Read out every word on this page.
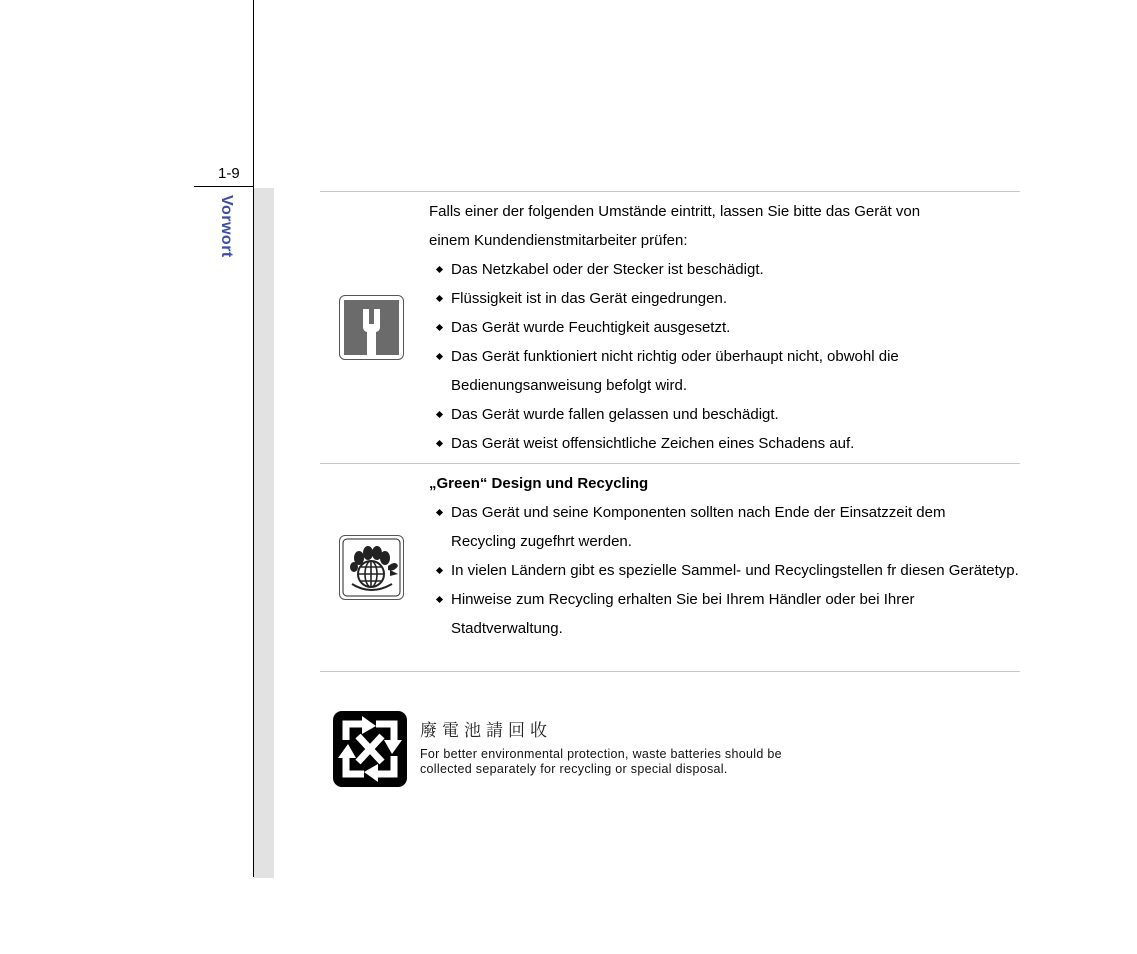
1-9
Vorwort	Falls einer der folgenden Umstände eintritt, lassen Sie bitte das Gerät von

einem Kundendienstmitarbeiter prüfen:

Das Netzkabel oder der Stecker ist beschädigt.
Flüssigkeit ist in das Gerät eingedrungen.
Das Gerät wurde Feuchtigkeit ausgesetzt.
Das Gerät funktioniert nicht richtig oder überhaupt nicht, obwohl die Bedienungsanweisung befolgt wird.
Das Gerät wurde fallen gelassen und beschädigt.
Das Gerät weist offensichtliche Zeichen eines Schadens auf.

„Green“ Design und Recycling

Das Gerät und seine Komponenten sollten nach Ende der Einsatzzeit dem Recycling zugefhrt werden.
In vielen Ländern gibt es spezielle Sammel- und Recyclingstellen fr diesen Gerätetyp.
Hinweise zum Recycling erhalten Sie bei Ihrem Händler oder bei Ihrer Stadtverwaltung.
廢電池請回收
For better environmental protection, waste batteries should be
collected separately for recycling or special disposal.
